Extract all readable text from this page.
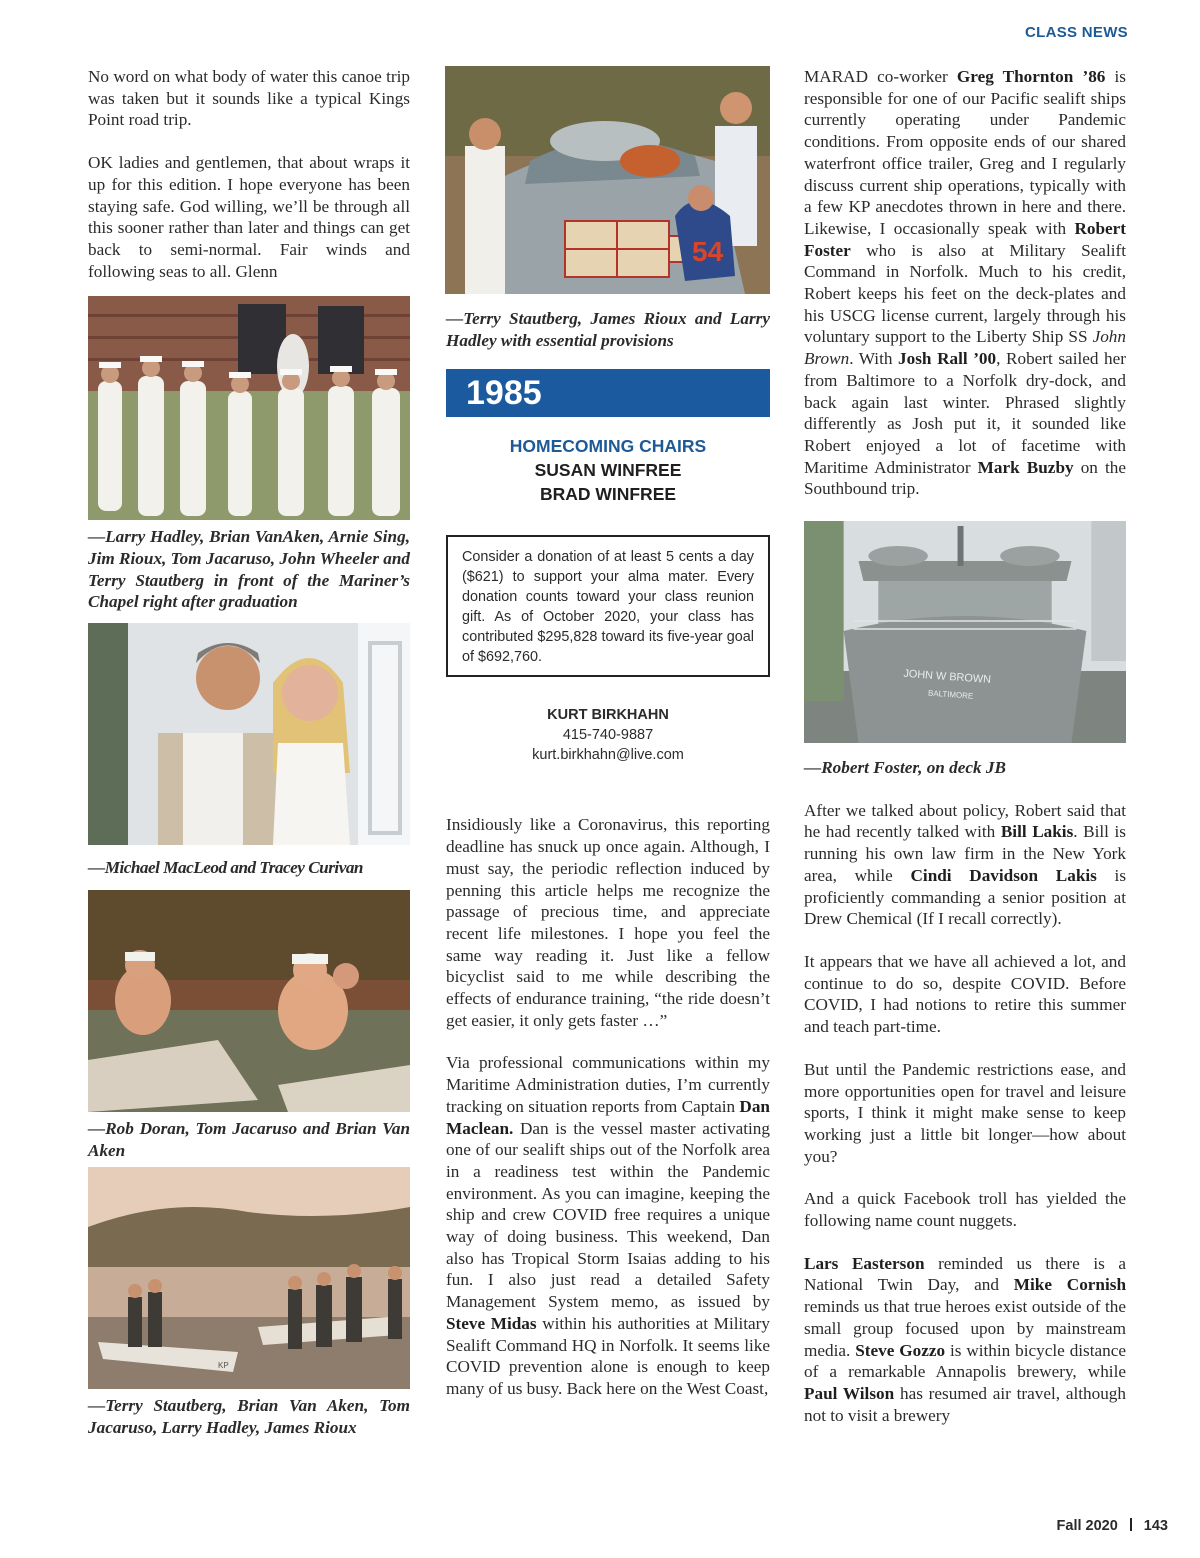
CLASS NEWS

No word on what body of water this canoe trip was taken but it sounds like a typical Kings Point road trip.

OK ladies and gentlemen, that about wraps it up for this edition. I hope everyone has been staying safe. God willing, we’ll be through all this sooner rather than later and things can get back to semi-normal. Fair winds and following seas to all. Glenn

—Larry Hadley, Brian VanAken, Arnie Sing, Jim Rioux, Tom Jacaruso, John Wheeler and Terry Stautberg in front of the Mariner’s Chapel right after graduation

—Michael MacLeod and Tracey Curivan

—Rob Doran, Tom Jacaruso and Brian Van Aken

KP

—Terry Stautberg, Brian Van Aken, Tom Jacaruso, Larry Hadley, James Rioux

54

—Terry Stautberg, James Rioux and Larry Hadley with essential provisions

1985
HOMECOMING CHAIRS
SUSAN WINFREE
BRAD WINFREE
Consider a donation of at least 5 cents a day ($621) to support your alma mater. Every donation counts toward your class reunion gift. As of October 2020, your class has contributed $295,828 toward its five-year goal of $692,760.
KURT BIRKHAHN
415-740-9887
kurt.birkhahn@live.com

Insidiously like a Coronavirus, this reporting deadline has snuck up once again. Although, I must say, the periodic reflection induced by penning this article helps me recognize the passage of precious time, and appreciate recent life milestones. I hope you feel the same way reading it. Just like a fellow bicyclist said to me while describing the effects of endurance training, “the ride doesn’t get easier, it only gets faster …”

Via professional communications within my Maritime Administration duties, I’m currently tracking on situation reports from Captain Dan Maclean. Dan is the vessel master activating one of our sealift ships out of the Norfolk area in a readiness test within the Pandemic environment. As you can imagine, keeping the ship and crew COVID free requires a unique way of doing business. This weekend, Dan also has Tropical Storm Isaias adding to his fun. I also just read a detailed Safety Management System memo, as issued by Steve Midas within his authorities at Military Sealift Command HQ in Norfolk. It seems like COVID prevention alone is enough to keep many of us busy. Back here on the West Coast,

MARAD co-worker Greg Thornton ’86 is responsible for one of our Pacific sealift ships currently operating under Pandemic conditions. From opposite ends of our shared waterfront office trailer, Greg and I regularly discuss current ship operations, typically with a few KP anecdotes thrown in here and there. Likewise, I occasionally speak with Robert Foster who is also at Military Sealift Command in Norfolk. Much to his credit, Robert keeps his feet on the deck-plates and his USCG license current, largely through his voluntary support to the Liberty Ship SS John Brown. With Josh Rall ’00, Robert sailed her from Baltimore to a Norfolk dry-dock, and back again last winter. Phrased slightly differently as Josh put it, it sounded like Robert enjoyed a lot of facetime with Maritime Administrator Mark Buzby on the Southbound trip.

JOHN W BROWN
BALTIMORE

—Robert Foster, on deck JB

After we talked about policy, Robert said that he had recently talked with Bill Lakis. Bill is running his own law firm in the New York area, while Cindi Davidson Lakis is proficiently commanding a senior position at Drew Chemical (If I recall correctly).

It appears that we have all achieved a lot, and continue to do so, despite COVID. Before COVID, I had notions to retire this summer and teach part-time.

But until the Pandemic restrictions ease, and more opportunities open for travel and leisure sports, I think it might make sense to keep working just a little bit longer—how about you?

And a quick Facebook troll has yielded the following name count nuggets.

Lars Easterson reminded us there is a National Twin Day, and Mike Cornish reminds us that true heroes exist outside of the small group focused upon by mainstream media. Steve Gozzo is within bicycle distance of a remarkable Annapolis brewery, while Paul Wilson has resumed air travel, although not to visit a brewery

Fall 2020 143
